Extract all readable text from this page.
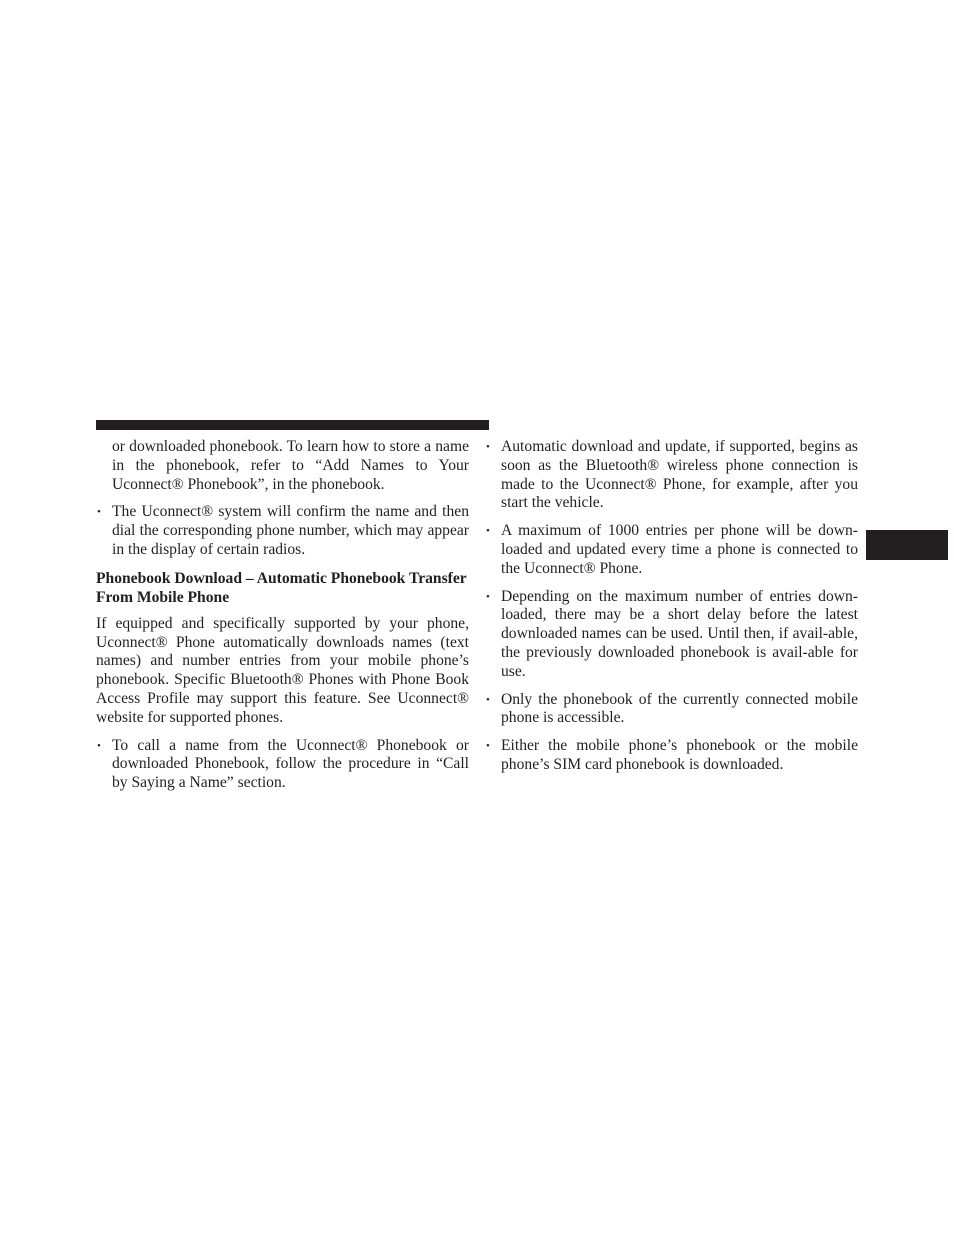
or downloaded phonebook. To learn how to store a name in the phonebook, refer to “Add Names to Your Uconnect® Phonebook”, in the phonebook.

• The Uconnect® system will confirm the name and then dial the corresponding phone number, which may appear in the display of certain radios.

Phonebook Download – Automatic Phonebook Transfer From Mobile Phone

If equipped and specifically supported by your phone, Uconnect® Phone automatically downloads names (text names) and number entries from your mobile phone’s phonebook. Specific Bluetooth® Phones with Phone Book Access Profile may support this feature. See Uconnect® website for supported phones.

• To call a name from the Uconnect® Phonebook or downloaded Phonebook, follow the procedure in “Call by Saying a Name” section.

• Automatic download and update, if supported, begins as soon as the Bluetooth® wireless phone connection is made to the Uconnect® Phone, for example, after you start the vehicle.

• A maximum of 1000 entries per phone will be down-loaded and updated every time a phone is connected to the Uconnect® Phone.

• Depending on the maximum number of entries down-loaded, there may be a short delay before the latest downloaded names can be used. Until then, if avail-able, the previously downloaded phonebook is avail-able for use.

• Only the phonebook of the currently connected mobile phone is accessible.

• Either the mobile phone’s phonebook or the mobile phone’s SIM card phonebook is downloaded.
